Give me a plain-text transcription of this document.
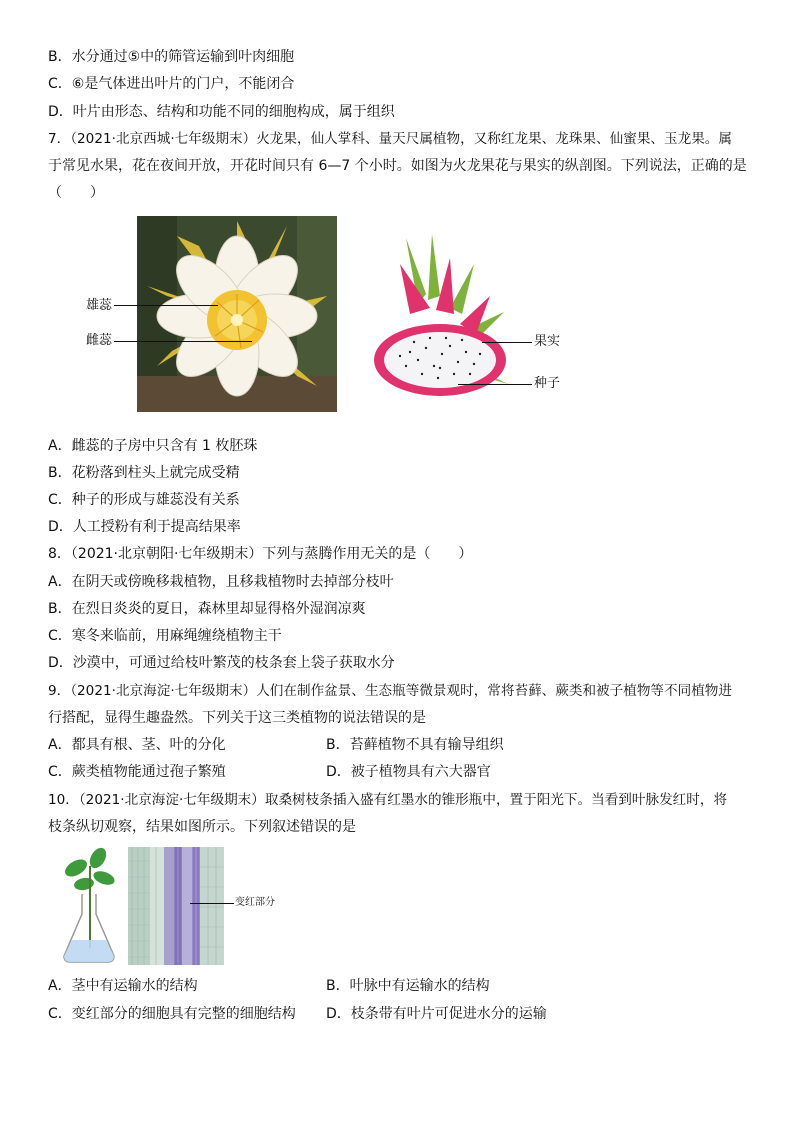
B．水分通过⑤中的筛管运输到叶肉细胞
C．⑥是气体进出叶片的门户，不能闭合
D．叶片由形态、结构和功能不同的细胞构成，属于组织
7．（2021·北京西城·七年级期末）火龙果，仙人掌科、量天尺属植物，又称红龙果、龙珠果、仙蜜果、玉龙果。属
于常见水果，花在夜间开放，开花时间只有 6—7 个小时。如图为火龙果花与果实的纵剖图。下列说法，正确的是
（　　）
雄蕊
雌蕊	果实
种子
A．雌蕊的子房中只含有 1 枚胚珠
B．花粉落到柱头上就完成受精
C．种子的形成与雄蕊没有关系
D．人工授粉有利于提高结果率
8．（2021·北京朝阳·七年级期末）下列与蒸腾作用无关的是（　　）
A．在阴天或傍晚移栽植物，且移栽植物时去掉部分枝叶
B．在烈日炎炎的夏日，森林里却显得格外湿润凉爽
C．寒冬来临前，用麻绳缠绕植物主干
D．沙漠中，可通过给枝叶繁茂的枝条套上袋子获取水分
9．（2021·北京海淀·七年级期末）人们在制作盆景、生态瓶等微景观时，常将苔藓、蕨类和被子植物等不同植物进
行搭配，显得生趣盎然。下列关于这三类植物的说法错误的是
A．都具有根、茎、叶的分化	B．苔藓植物不具有输导组织
C．蕨类植物能通过孢子繁殖	D．被子植物具有六大器官
10．（2021·北京海淀·七年级期末）取桑树枝条插入盛有红墨水的锥形瓶中，置于阳光下。当看到叶脉发红时，将
枝条纵切观察，结果如图所示。下列叙述错误的是
变红部分
A．茎中有运输水的结构	B．叶脉中有运输水的结构
C．变红部分的细胞具有完整的细胞结构 D．枝条带有叶片可促进水分的运输
